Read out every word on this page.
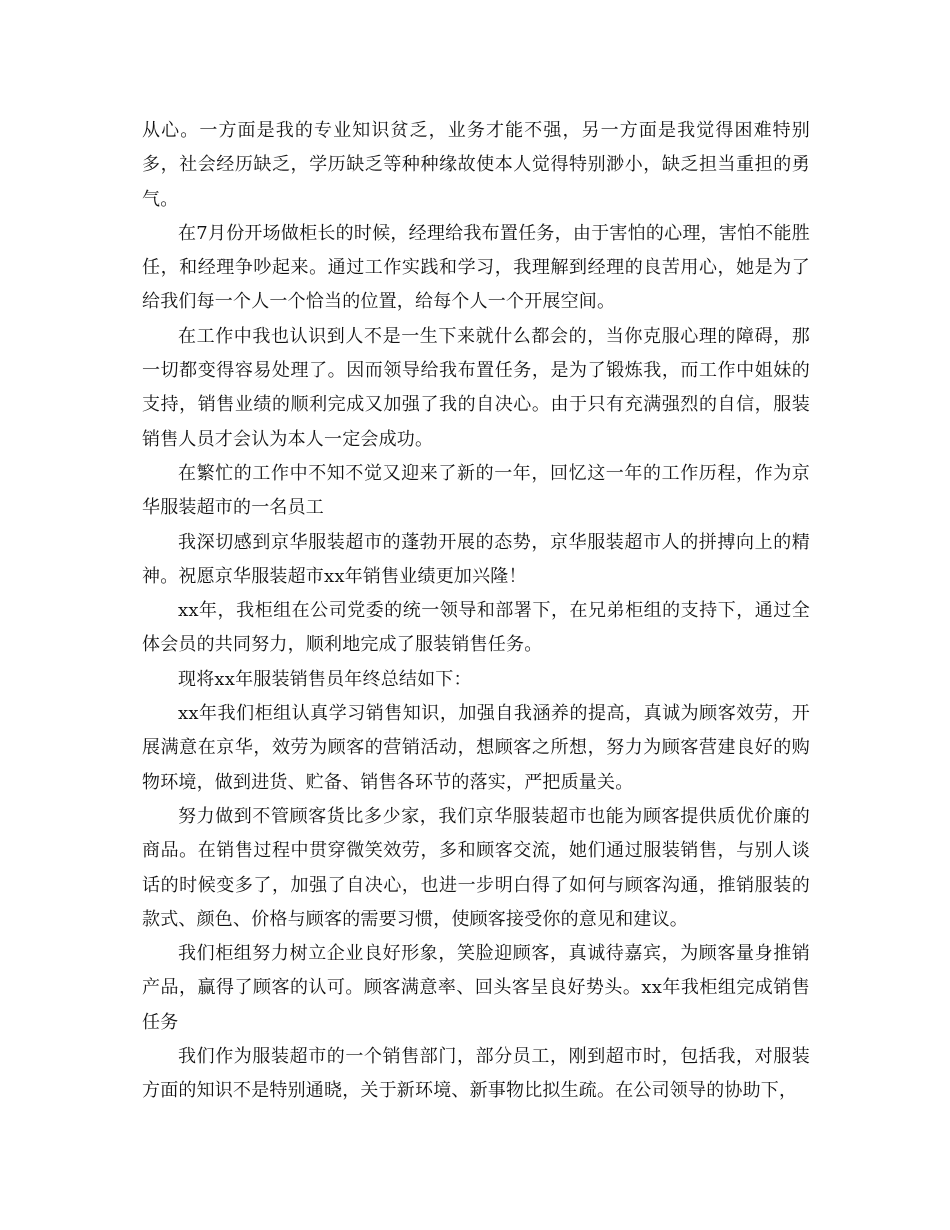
从心。一方面是我的专业知识贫乏，业务才能不强，另一方面是我觉得困难特别多，社会经历缺乏，学历缺乏等种种缘故使本人觉得特别渺小，缺乏担当重担的勇气。

在7月份开场做柜长的时候，经理给我布置任务，由于害怕的心理，害怕不能胜任，和经理争吵起来。通过工作实践和学习，我理解到经理的良苦用心，她是为了给我们每一个人一个恰当的位置，给每个人一个开展空间。

在工作中我也认识到人不是一生下来就什么都会的，当你克服心理的障碍，那一切都变得容易处理了。因而领导给我布置任务，是为了锻炼我，而工作中姐妹的支持，销售业绩的顺利完成又加强了我的自决心。由于只有充满强烈的自信，服装销售人员才会认为本人一定会成功。

在繁忙的工作中不知不觉又迎来了新的一年，回忆这一年的工作历程，作为京华服装超市的一名员工

我深切感到京华服装超市的蓬勃开展的态势，京华服装超市人的拼搏向上的精神。祝愿京华服装超市xx年销售业绩更加兴隆！

xx年，我柜组在公司党委的统一领导和部署下，在兄弟柜组的支持下，通过全体会员的共同努力，顺利地完成了服装销售任务。

现将xx年服装销售员年终总结如下：

xx年我们柜组认真学习销售知识，加强自我涵养的提高，真诚为顾客效劳，开展满意在京华，效劳为顾客的营销活动，想顾客之所想，努力为顾客营建良好的购物环境，做到进货、贮备、销售各环节的落实，严把质量关。

努力做到不管顾客货比多少家，我们京华服装超市也能为顾客提供质优价廉的商品。在销售过程中贯穿微笑效劳，多和顾客交流，她们通过服装销售，与别人谈话的时候变多了，加强了自决心，也进一步明白得了如何与顾客沟通，推销服装的款式、颜色、价格与顾客的需要习惯，使顾客接受你的意见和建议。

我们柜组努力树立企业良好形象，笑脸迎顾客，真诚待嘉宾，为顾客量身推销产品，赢得了顾客的认可。顾客满意率、回头客呈良好势头。xx年我柜组完成销售任务

我们作为服装超市的一个销售部门，部分员工，刚到超市时，包括我，对服装方面的知识不是特别通晓，关于新环境、新事物比拟生疏。在公司领导的协助下，
